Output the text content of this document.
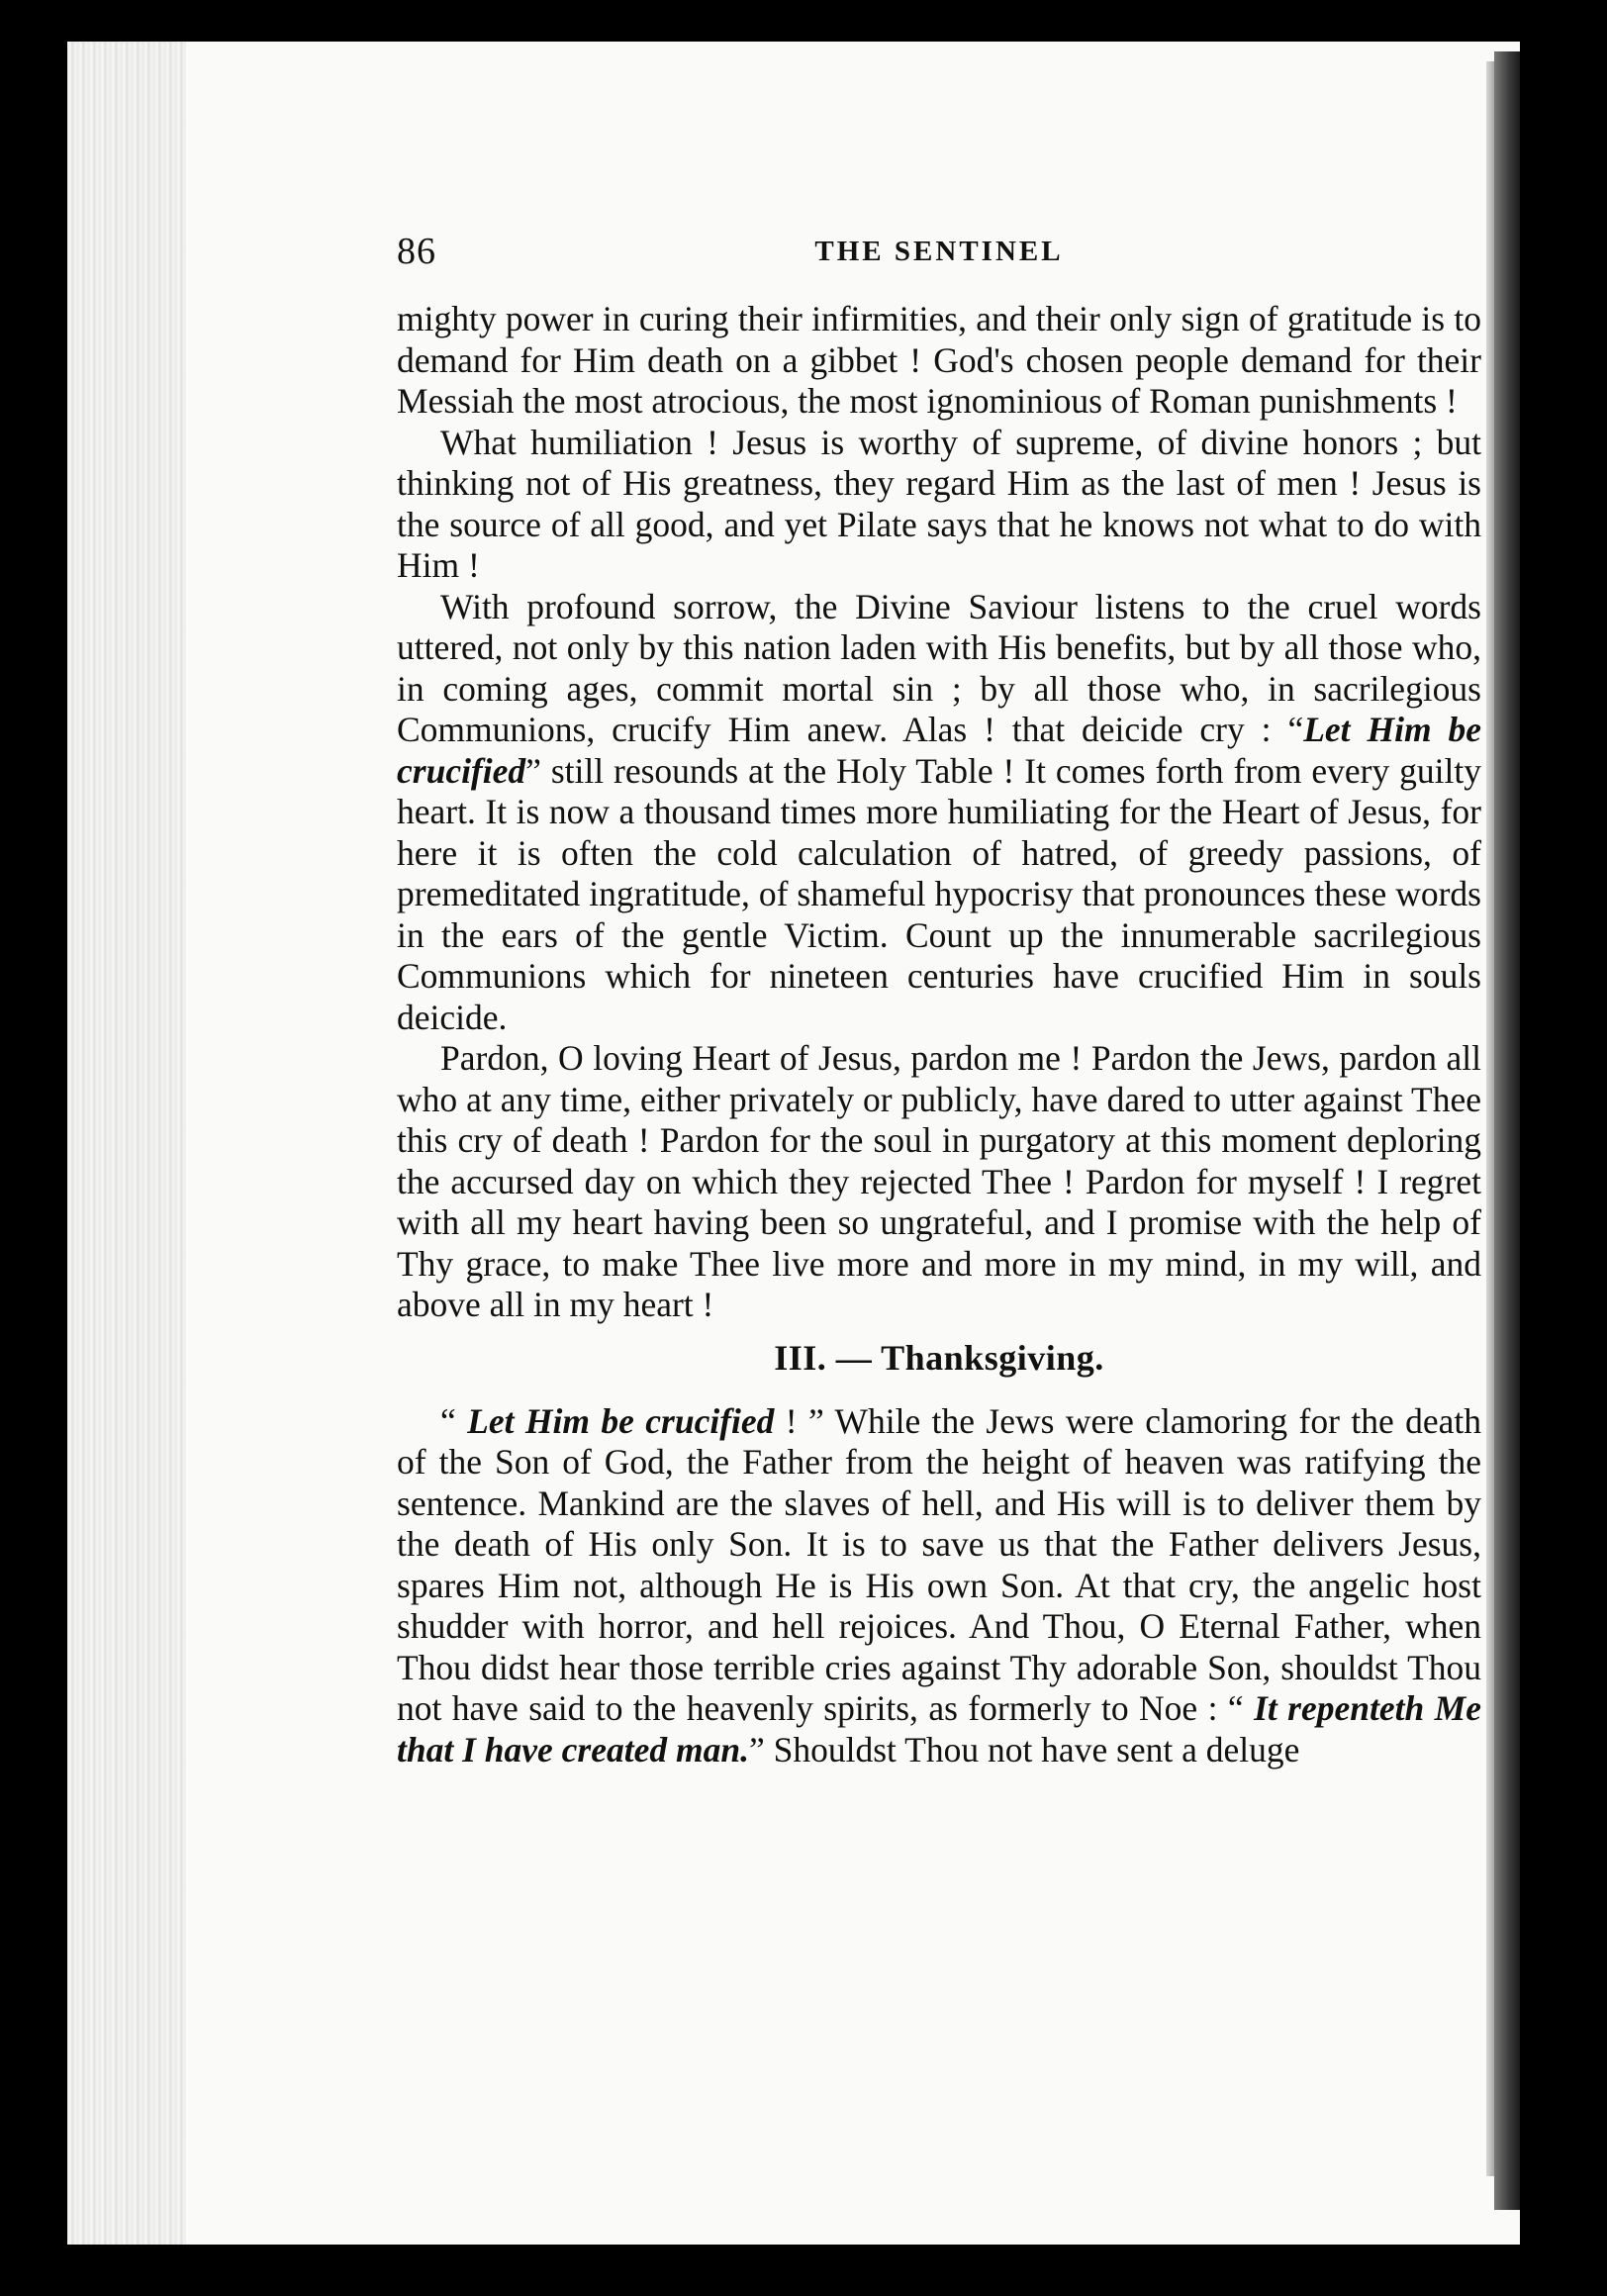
86	THE SENTINEL

mighty power in curing their infirmities, and their only sign of gratitude is to demand for Him death on a gibbet ! God's chosen people demand for their Messiah the most atrocious, the most ignominious of Roman punishments !

What humiliation ! Jesus is worthy of supreme, of divine honors ; but thinking not of His greatness, they regard Him as the last of men ! Jesus is the source of all good, and yet Pilate says that he knows not what to do with Him !

With profound sorrow, the Divine Saviour listens to the cruel words uttered, not only by this nation laden with His benefits, but by all those who, in coming ages, commit mortal sin ; by all those who, in sacrilegious Communions, crucify Him anew. Alas ! that deicide cry : “Let Him be crucified” still resounds at the Holy Table ! It comes forth from every guilty heart. It is now a thousand times more humiliating for the Heart of Jesus, for here it is often the cold calculation of hatred, of greedy passions, of premeditated ingratitude, of shameful hypocrisy that pronounces these words in the ears of the gentle Victim. Count up the innumerable sacrilegious Communions which for nineteen centuries have crucified Him in souls deicide.

Pardon, O loving Heart of Jesus, pardon me ! Pardon the Jews, pardon all who at any time, either privately or publicly, have dared to utter against Thee this cry of death ! Pardon for the soul in purgatory at this moment deploring the accursed day on which they rejected Thee ! Pardon for myself ! I regret with all my heart having been so ungrateful, and I promise with the help of Thy grace, to make Thee live more and more in my mind, in my will, and above all in my heart !

III. — Thanksgiving.

“ Let Him be crucified ! ” While the Jews were clamoring for the death of the Son of God, the Father from the height of heaven was ratifying the sentence. Mankind are the slaves of hell, and His will is to deliver them by the death of His only Son. It is to save us that the Father delivers Jesus, spares Him not, although He is His own Son. At that cry, the angelic host shudder with horror, and hell rejoices. And Thou, O Eternal Father, when Thou didst hear those terrible cries against Thy adorable Son, shouldst Thou not have said to the heavenly spirits, as formerly to Noe : “ It repenteth Me that I have created man.” Shouldst Thou not have sent a deluge
